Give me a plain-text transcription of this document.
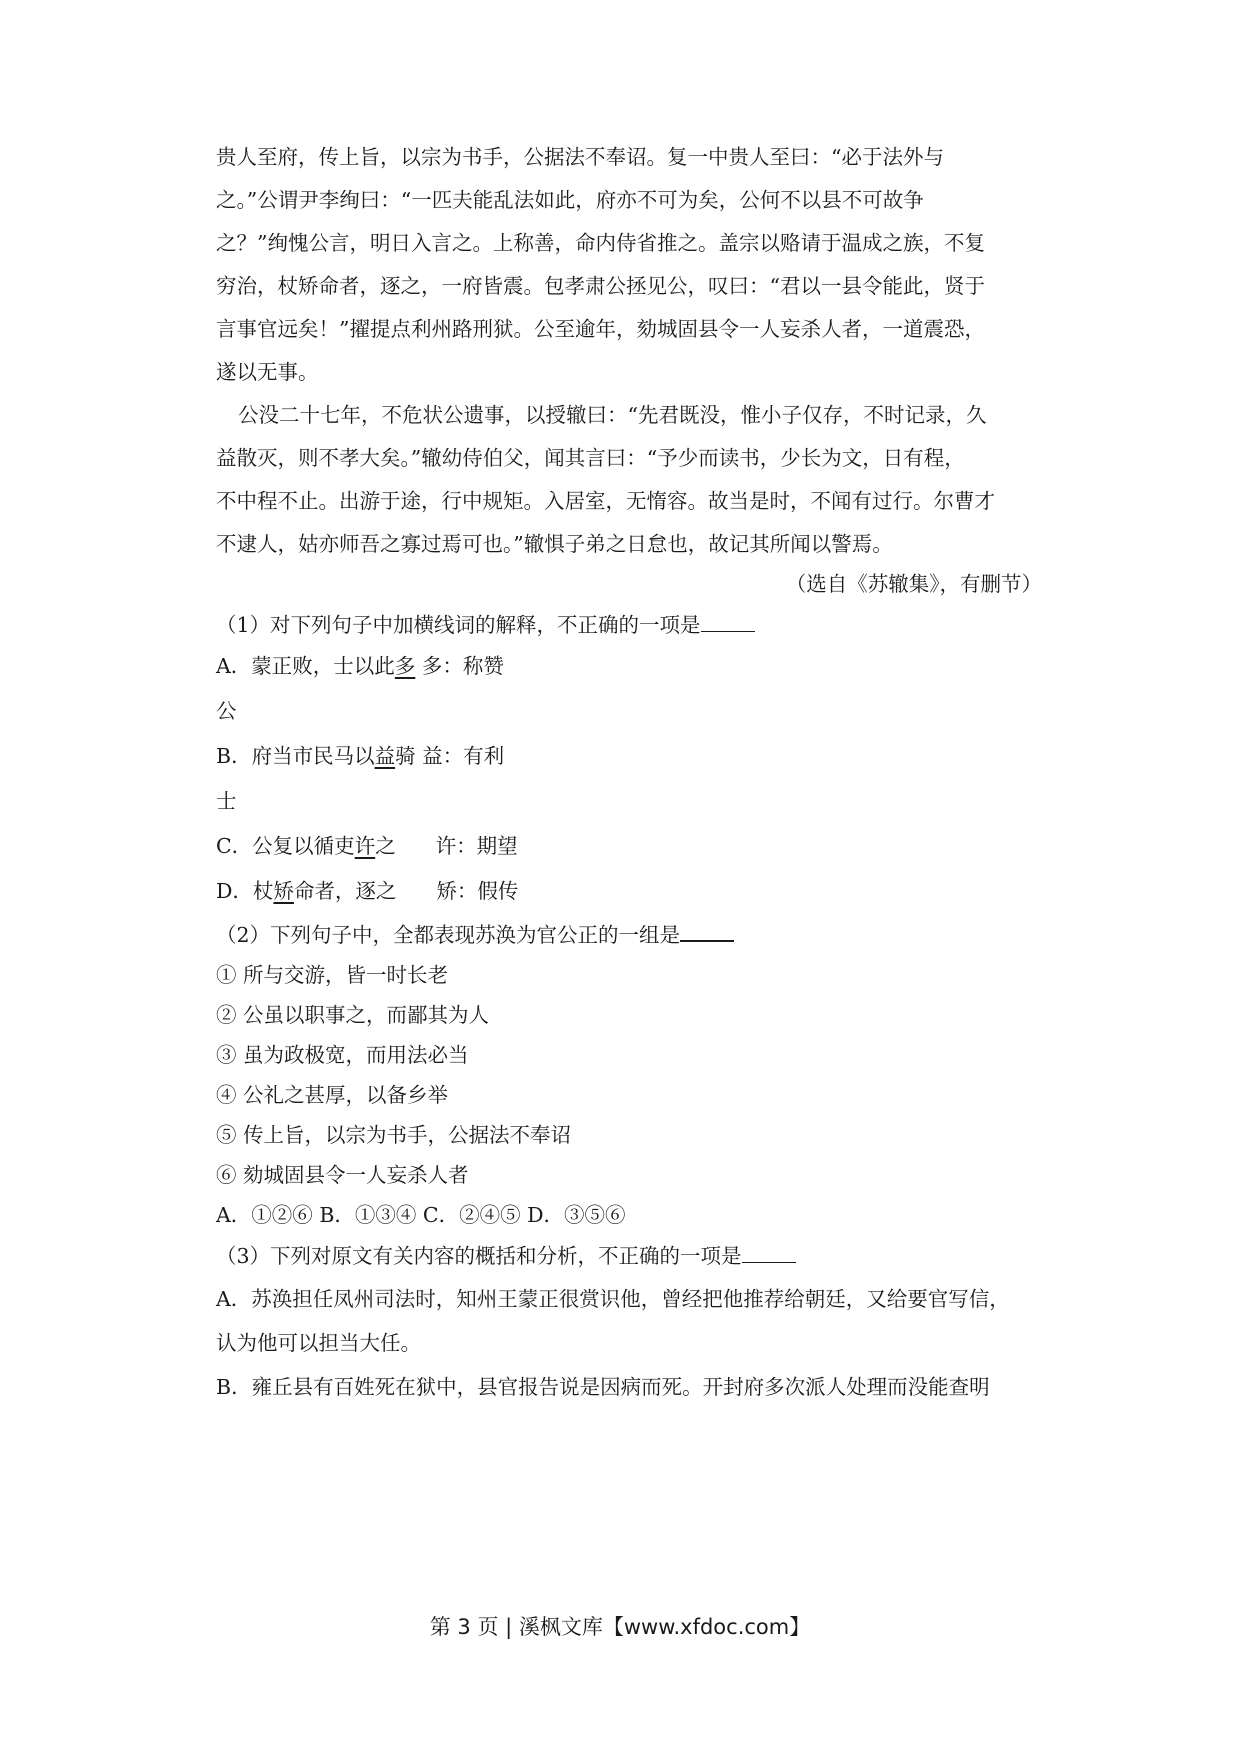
贵人至府，传上旨，以宗为书手，公据法不奉诏。复一中贵人至曰：“必于法外与
之。”公谓尹李绚曰：“一匹夫能乱法如此，府亦不可为矣，公何不以县不可故争
之？”绚愧公言，明日入言之。上称善，命内侍省推之。盖宗以赂请于温成之族，不复
穷治，杖矫命者，逐之，一府皆震。包孝肃公拯见公，叹曰：“君以一县令能此，贤于
言事官远矣！”擢提点利州路刑狱。公至逾年，劾城固县令一人妄杀人者，一道震恐，
遂以无事。
公没二十七年，不危状公遗事，以授辙曰：“先君既没，惟小子仅存，不时记录，久
益散灭，则不孝大矣。”辙幼侍伯父，闻其言曰：“予少而读书，少长为文，日有程，
不中程不止。出游于途，行中规矩。入居室，无惰容。故当是时，不闻有过行。尔曹才
不逮人，姑亦师吾之寡过焉可也。”辙惧子弟之日怠也，故记其所闻以警焉。
（选自《苏辙集》，有删节）
（1）对下列句子中加横线词的解释，不正确的一项是
A．蒙正败，士以此多 多：称赞
公
B．府当市民马以益骑 益：有利
士
C．公复以循吏许之 许：期望
D．杖矫命者，逐之 矫：假传
（2）下列句子中，全都表现苏涣为官公正的一组是
① 所与交游，皆一时长老
② 公虽以职事之，而鄙其为人
③ 虽为政极宽，而用法必当
④ 公礼之甚厚，以备乡举
⑤ 传上旨，以宗为书手，公据法不奉诏
⑥ 劾城固县令一人妄杀人者
A．①②⑥ B．①③④ C．②④⑤ D．③⑤⑥
（3）下列对原文有关内容的概括和分析，不正确的一项是
A．苏涣担任凤州司法时，知州王蒙正很赏识他，曾经把他推荐给朝廷，又给要官写信，
认为他可以担当大任。
B．雍丘县有百姓死在狱中，县官报告说是因病而死。开封府多次派人处理而没能查明
第 3 页 | 溪枫文库【www.xfdoc.com】
